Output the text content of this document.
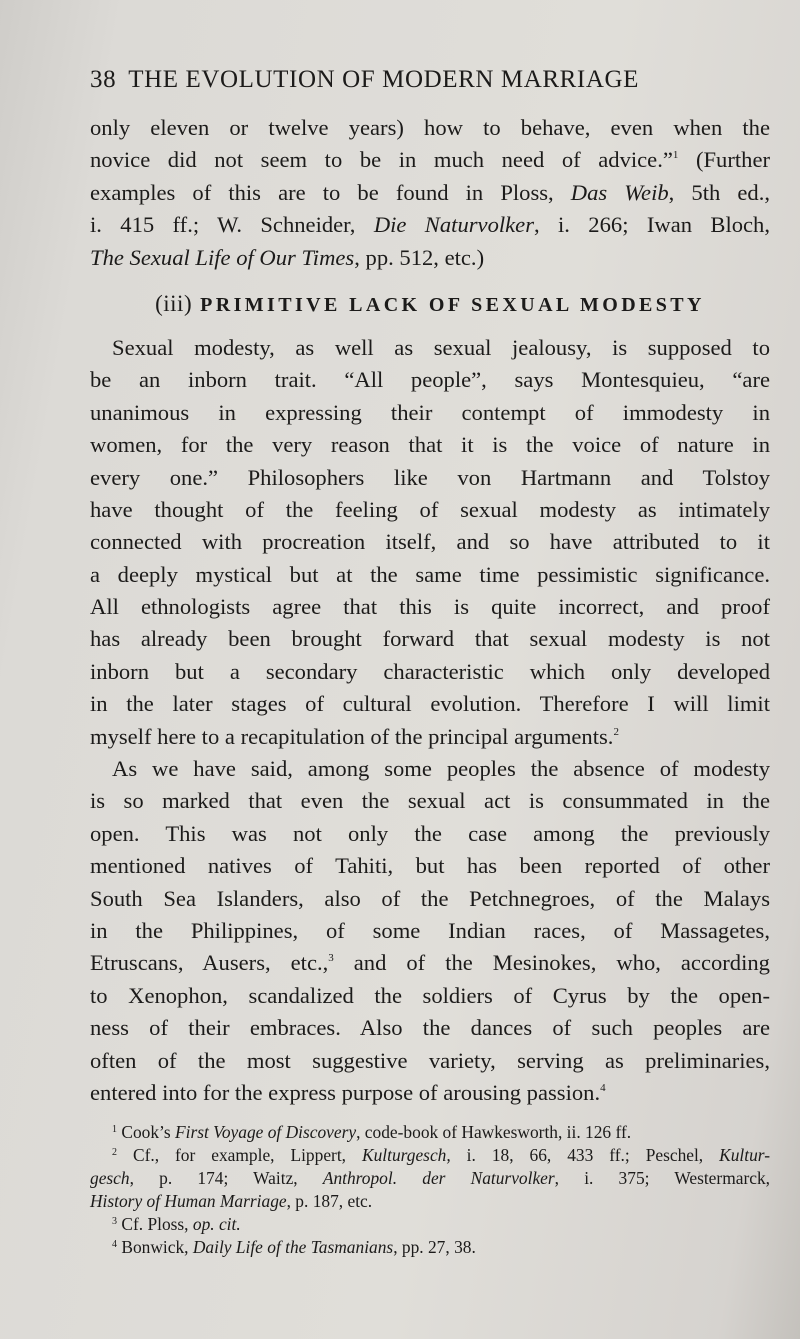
38 THE EVOLUTION OF MODERN MARRIAGE
only eleven or twelve years) how to behave, even when the
novice did not seem to be in much need of advice.”$^1$ (Further
examples of this are to be found in Ploss, Das Weib, 5th ed.,
i. 415 ff.; W. Schneider, Die Naturvolker, i. 266; Iwan Bloch,
The Sexual Life of Our Times, pp. 512, etc.)
(iii) PRIMITIVE LACK OF SEXUAL MODESTY
Sexual modesty, as well as sexual jealousy, is supposed to
be an inborn trait. “All people”, says Montesquieu, “are
unanimous in expressing their contempt of immodesty in
women, for the very reason that it is the voice of nature in
every one.” Philosophers like von Hartmann and Tolstoy
have thought of the feeling of sexual modesty as intimately
connected with procreation itself, and so have attributed to it
a deeply mystical but at the same time pessimistic significance.
All ethnologists agree that this is quite incorrect, and proof
has already been brought forward that sexual modesty is not
inborn but a secondary characteristic which only developed
in the later stages of cultural evolution. Therefore I will limit
myself here to a recapitulation of the principal arguments.$^2$
As we have said, among some peoples the absence of modesty
is so marked that even the sexual act is consummated in the
open. This was not only the case among the previously
mentioned natives of Tahiti, but has been reported of other
South Sea Islanders, also of the Petchnegroes, of the Malays
in the Philippines, of some Indian races, of Massagetes,
Etruscans, Ausers, etc.,$^3$ and of the Mesinokes, who, according
to Xenophon, scandalized the soldiers of Cyrus by the open-
ness of their embraces. Also the dances of such peoples are
often of the most suggestive variety, serving as preliminaries,
entered into for the express purpose of arousing passion.$^4$
$^1$ Cook’s First Voyage of Discovery, code-book of Hawkesworth, ii. 126 ff.
$^2$ Cf., for example, Lippert, Kulturgesch, i. 18, 66, 433 ff.; Peschel, Kultur-
gesch, p. 174; Waitz, Anthropol. der Naturvolker, i. 375; Westermarck,
History of Human Marriage, p. 187, etc.
$^3$ Cf. Ploss, op. cit.
$^4$ Bonwick, Daily Life of the Tasmanians, pp. 27, 38.
